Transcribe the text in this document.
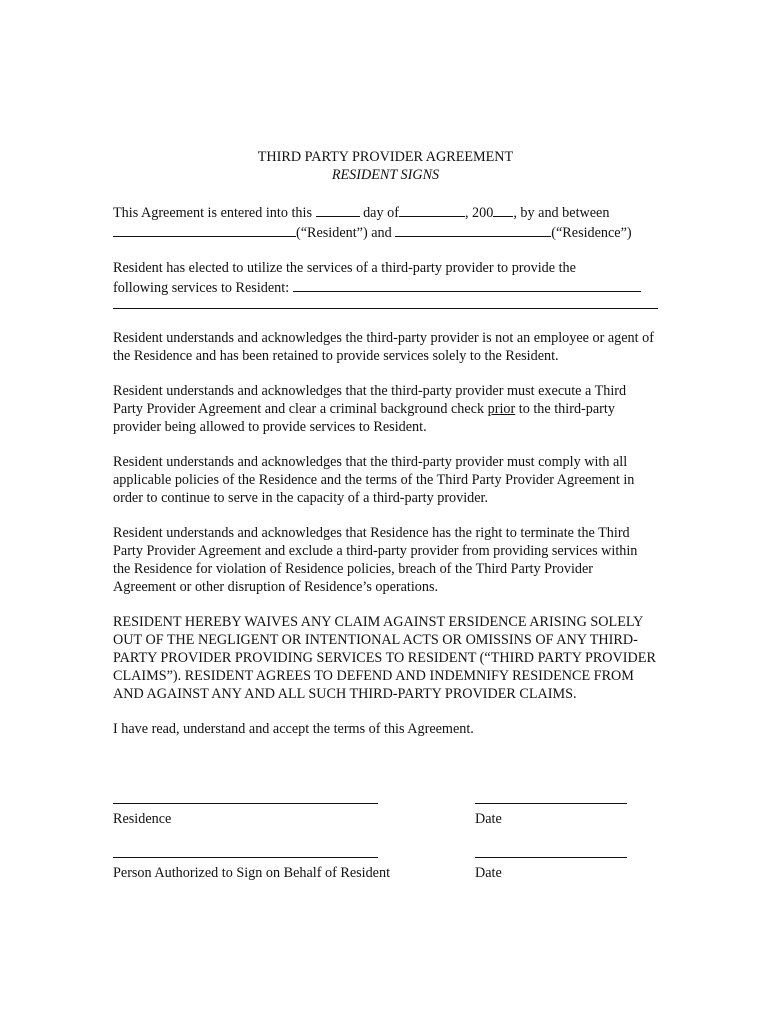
THIRD PARTY PROVIDER AGREEMENT

RESIDENT SIGNS

This Agreement is entered into this	day of	, 200 , by and between
(“Resident”) and	(“Residence”)

Resident has elected to utilize the services of a third-party provider to provide the
following services to Resident:

Resident understands and acknowledges the third-party provider is not an employee or agent of the Residence and has been retained to provide services solely to the Resident.

Resident understands and acknowledges that the third-party provider must execute a Third Party Provider Agreement and clear a criminal background check prior to the third-party provider being allowed to provide services to Resident.

Resident understands and acknowledges that the third-party provider must comply with all applicable policies of the Residence and the terms of the Third Party Provider Agreement in order to continue to serve in the capacity of a third-party provider.

Resident understands and acknowledges that Residence has the right to terminate the Third Party Provider Agreement and exclude a third-party provider from providing services within the Residence for violation of Residence policies, breach of the Third Party Provider Agreement or other disruption of Residence’s operations.

RESIDENT HEREBY WAIVES ANY CLAIM AGAINST ERSIDENCE ARISING SOLELY OUT OF THE NEGLIGENT OR INTENTIONAL ACTS OR OMISSINS OF ANY THIRD-PARTY PROVIDER PROVIDING SERVICES TO RESIDENT (“THIRD PARTY PROVIDER CLAIMS”). RESIDENT AGREES TO DEFEND AND INDEMNIFY RESIDENCE FROM AND AGAINST ANY AND ALL SUCH THIRD-PARTY PROVIDER CLAIMS.

I have read, understand and accept the terms of this Agreement.

Residence	Date
Person Authorized to Sign on Behalf of Resident	Date
